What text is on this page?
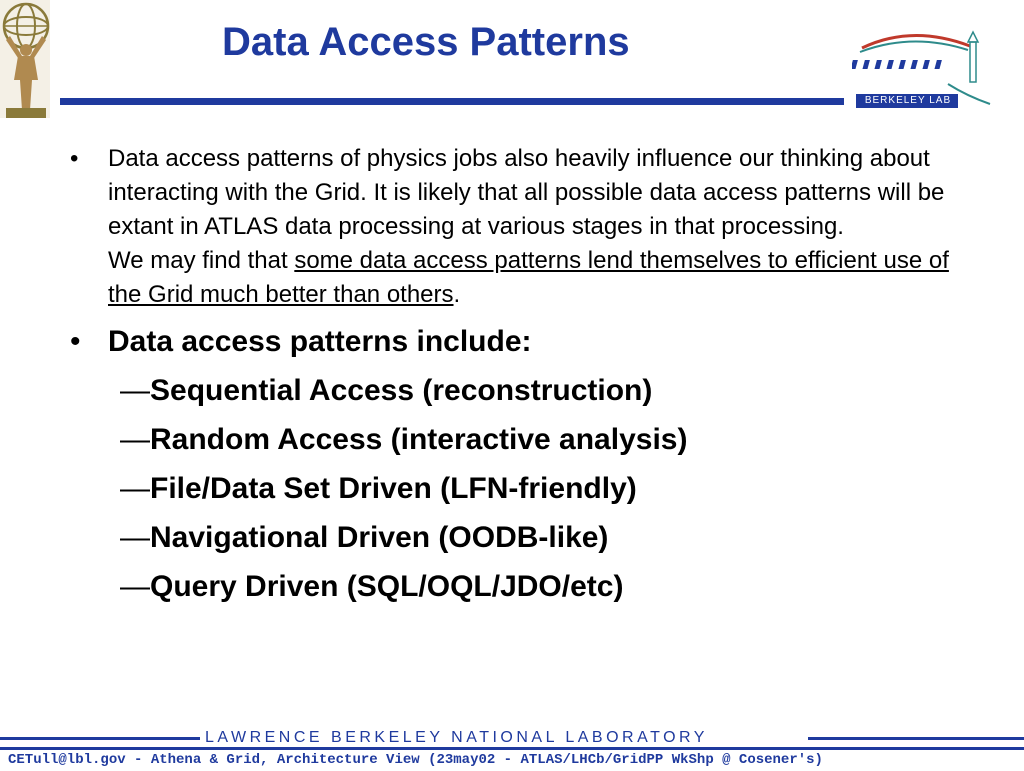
Data Access Patterns
BERKELEY LAB
• Data access patterns of physics jobs also heavily influence our thinking about interacting with the Grid. It is likely that all possible data access patterns will be extant in ATLAS data processing at various stages in that processing.
We may find that some data access patterns lend themselves to efficient use of the Grid much better than others.
• Data access patterns include:
—Sequential Access (reconstruction)
—Random Access (interactive analysis)
—File/Data Set Driven (LFN-friendly)
—Navigational Driven (OODB-like)
—Query Driven (SQL/OQL/JDO/etc)
LAWRENCE BERKELEY NATIONAL LABORATORY
CETull@lbl.gov - Athena & Grid, Architecture View (23may02 - ATLAS/LHCb/GridPP WkShp @ Cosener's)
